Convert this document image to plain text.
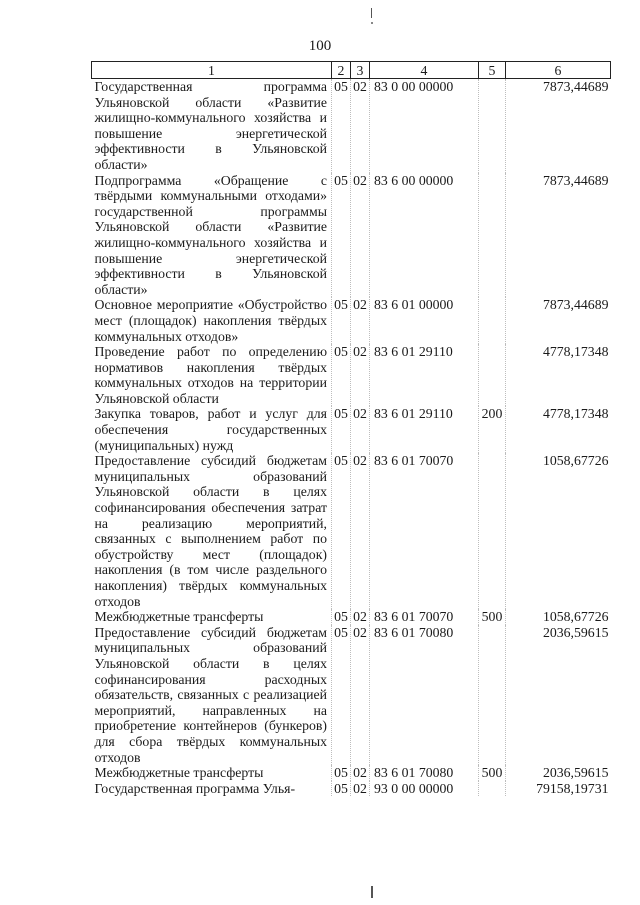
100
1	2	3	4	5	6
Государственная программа Ульяновской области «Развитие жилищно-коммунального хозяйства и повышение энергетической эффективности в Ульяновской области»	05	02	83 0 00 00000		7873,44689
Подпрограмма «Обращение с твёрдыми коммунальными отходами» государственной программы Ульяновской области «Развитие жилищно-коммунального хозяйства и повышение энергетической эффективности в Ульяновской области»	05	02	83 6 00 00000		7873,44689
Основное мероприятие «Обустройство мест (площадок) накопления твёрдых коммунальных отходов»	05	02	83 6 01 00000		7873,44689
Проведение работ по определению нормативов накопления твёрдых коммунальных отходов на территории Ульяновской области	05	02	83 6 01 29110		4778,17348
Закупка товаров, работ и услуг для обеспечения государственных (муниципальных) нужд	05	02	83 6 01 29110	200	4778,17348
Предоставление субсидий бюджетам муниципальных образований Ульяновской области в целях софинансирования обеспечения затрат на реализацию мероприятий, связанных с выполнением работ по обустройству мест (площадок) накопления (в том числе раздельного накопления) твёрдых коммунальных отходов	05	02	83 6 01 70070		1058,67726
Межбюджетные трансферты	05	02	83 6 01 70070	500	1058,67726
Предоставление субсидий бюджетам муниципальных образований Ульяновской области в целях софинансирования расходных обязательств, связанных с реализацией мероприятий, направленных на приобретение контейнеров (бункеров) для сбора твёрдых коммунальных отходов	05	02	83 6 01 70080		2036,59615
Межбюджетные трансферты	05	02	83 6 01 70080	500	2036,59615
Государственная программа Улья-	05	02	93 0 00 00000		79158,19731
